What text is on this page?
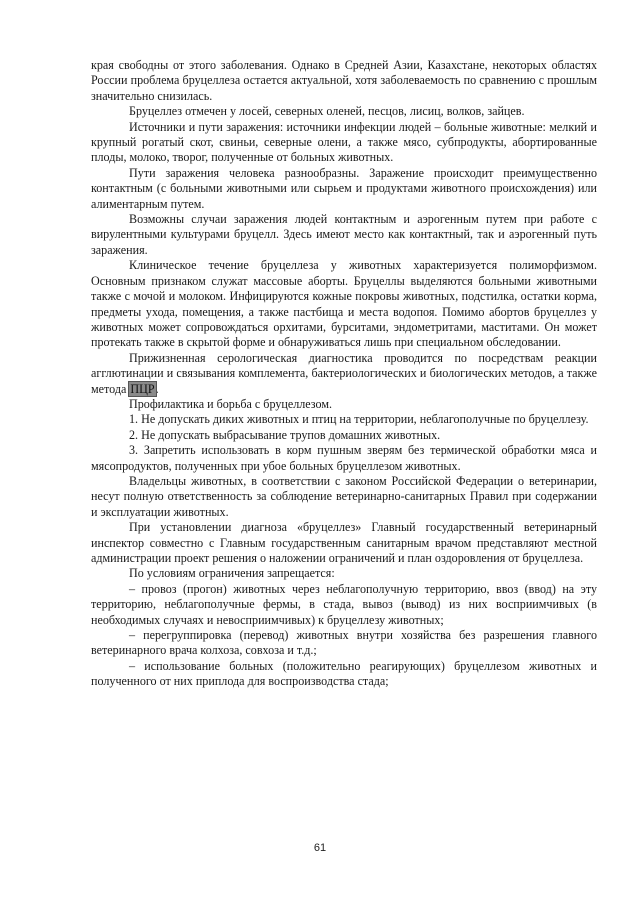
края свободны от этого заболевания. Однако в Средней Азии, Казахстане, некоторых областях России проблема бруцеллеза остается актуальной, хотя заболеваемость по сравнению с прошлым значительно снизилась.

Бруцеллез отмечен у лосей, северных оленей, песцов, лисиц, волков, зайцев.

Источники и пути заражения: источники инфекции людей – больные животные: мелкий и крупный рогатый скот, свиньи, северные олени, а также мясо, субпродукты, абортированные плоды, молоко, творог, полученные от больных животных.

Пути заражения человека разнообразны. Заражение происходит преимущественно контактным (с больными животными или сырьем и продуктами животного происхождения) или алиментарным путем.

Возможны случаи заражения людей контактным и аэрогенным путем при работе с вирулентными культурами бруцелл. Здесь имеют место как контактный, так и аэрогенный путь заражения.

Клиническое течение бруцеллеза у животных характеризуется полиморфизмом. Основным признаком служат массовые аборты. Бруцеллы выделяются больными животными также с мочой и молоком. Инфицируются кожные покровы животных, подстилка, остатки корма, предметы ухода, помещения, а также пастбища и места водопоя. Помимо абортов бруцеллез у животных может сопровождаться орхитами, бурситами, эндометритами, маститами. Он может протекать также в скрытой форме и обнаруживаться лишь при специальном обследовании.

Прижизненная серологическая диагностика проводится по посредствам реакции агглютинации и связывания комплемента, бактериологических и биологических методов, а также метода ПЦР.

Профилактика и борьба с бруцеллезом.

1. Не допускать диких животных и птиц на территории, неблагополучные по бруцеллезу.

2. Не допускать выбрасывание трупов домашних животных.

3. Запретить использовать в корм пушным зверям без термической обработки мяса и мясопродуктов, полученных при убое больных бруцеллезом животных.

Владельцы животных, в соответствии с законом Российской Федерации о ветеринарии, несут полную ответственность за соблюдение ветеринарно-санитарных Правил при содержании и эксплуатации животных.

При установлении диагноза «бруцеллез» Главный государственный ветеринарный инспектор совместно с Главным государственным санитарным врачом представляют местной администрации проект решения о наложении ограничений и план оздоровления от бруцеллеза.

По условиям ограничения запрещается:

– провоз (прогон) животных через неблагополучную территорию, ввоз (ввод) на эту территорию, неблагополучные фермы, в стада, вывоз (вывод) из них восприимчивых (в необходимых случаях и невосприимчивых) к бруцеллезу животных;

– перегруппировка (перевод) животных внутри хозяйства без разрешения главного ветеринарного врача колхоза, совхоза и т.д.;

– использование больных (положительно реагирующих) бруцеллезом животных и полученного от них приплода для воспроизводства стада;

61
